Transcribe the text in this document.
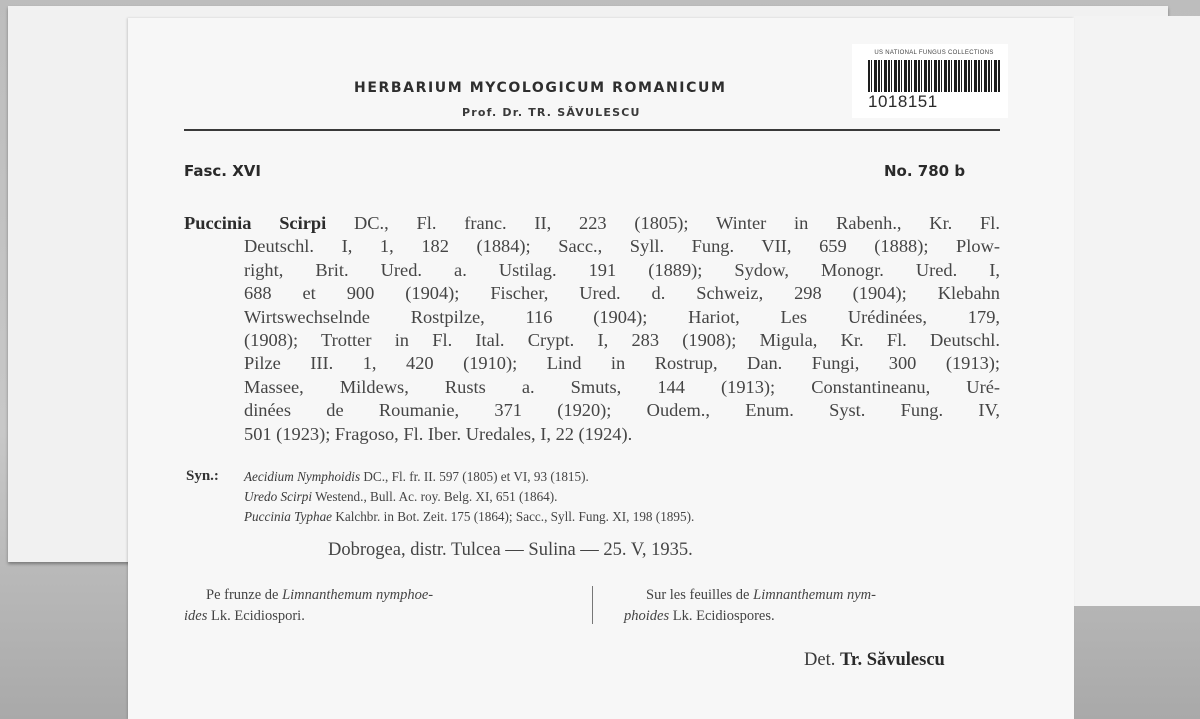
US NATIONAL FUNGUS COLLECTIONS
1018151
HERBARIUM MYCOLOGICUM ROMANICUM
Prof. Dr. TR. SĂVULESCU
Fasc. XVI	No. 780 b
Puccinia Scirpi DC., Fl. franc. II, 223 (1805); Winter in Rabenh., Kr. Fl.
Deutschl. I, 1, 182 (1884); Sacc., Syll. Fung. VII, 659 (1888); Plow-
right, Brit. Ured. a. Ustilag. 191 (1889); Sydow, Monogr. Ured. I,
688 et 900 (1904); Fischer, Ured. d. Schweiz, 298 (1904); Klebahn
Wirtswechselnde Rostpilze, 116 (1904); Hariot, Les Urédinées, 179,
(1908); Trotter in Fl. Ital. Crypt. I, 283 (1908); Migula, Kr. Fl. Deutschl.
Pilze III. 1, 420 (1910); Lind in Rostrup, Dan. Fungi, 300 (1913);
Massee, Mildews, Rusts a. Smuts, 144 (1913); Constantineanu, Uré-
dinées de Roumanie, 371 (1920); Oudem., Enum. Syst. Fung. IV,
501 (1923); Fragoso, Fl. Iber. Uredales, I, 22 (1924).
Syn.: Aecidium Nymphoidis DC., Fl. fr. II. 597 (1805) et VI, 93 (1815).
Uredo Scirpi Westend., Bull. Ac. roy. Belg. XI, 651 (1864).
Puccinia Typhae Kalchbr. in Bot. Zeit. 175 (1864); Sacc., Syll. Fung. XI, 198 (1895).
Dobrogea, distr. Tulcea — Sulina — 25. V, 1935.
Pe frunze de Limnanthemum nymphoe-
ides Lk. Ecidiospori.
Sur les feuilles de Limnanthemum nym-
phoides Lk. Ecidiospores.
Det. Tr. Săvulescu
